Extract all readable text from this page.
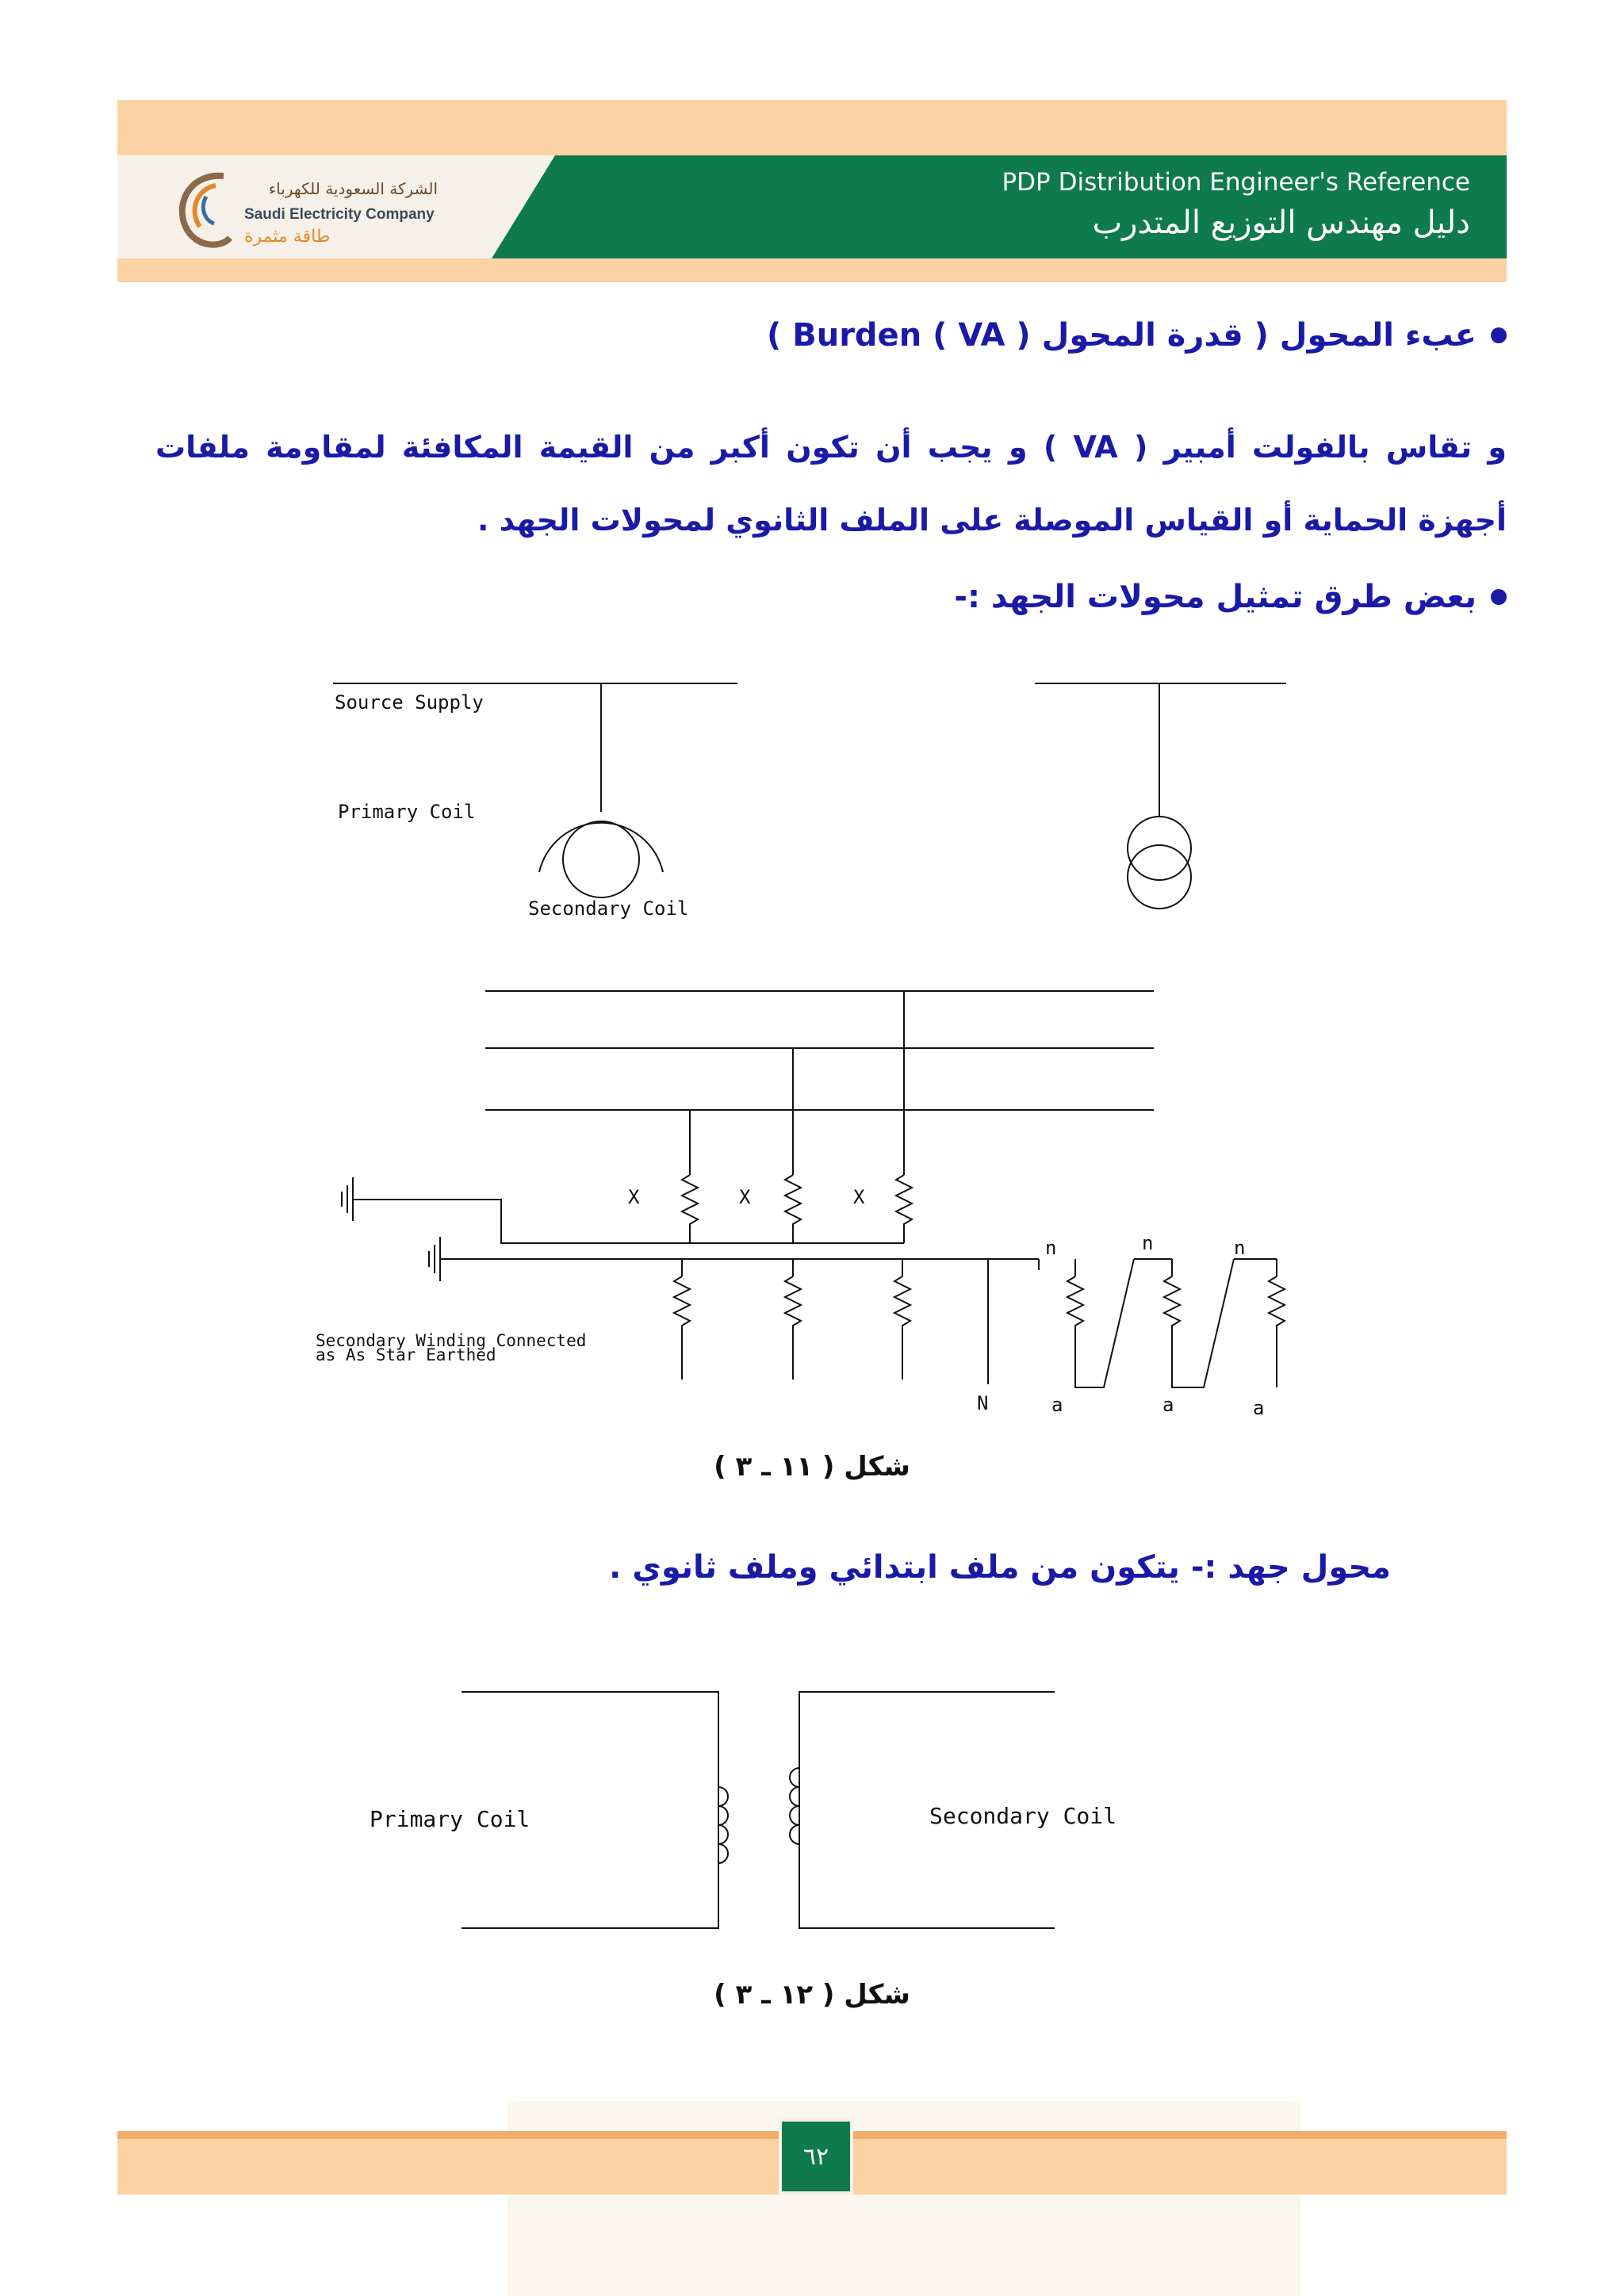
الشركة السعودية للكهرباء
Saudi Electricity Company
طاقة مثمرة
PDP Distribution Engineer's Reference
دليل مهندس التوزيع المتدرب
عبء المحول ( قدرة المحول Burden ( VA ) )
و تقاس بالفولت أمبير ( VA ) و يجب أن تكون أكبر من القيمة المكافئة لمقاومة ملفات أجهزة الحماية أو القياس الموصلة على الملف الثانوي لمحولات الجهد .
بعض طرق تمثيل محولات الجهد :-
Source Supply
Primary Coil
Secondary Coil
X	X	X
n	n	n
N	a	a	a
Secondary Winding Connected
as As Star Earthed
شكل ( ١١ ـ ٣ )
محول جهد :- يتكون من ملف ابتدائي وملف ثانوي .
Primary Coil	Secondary Coil
شكل ( ١٢ ـ ٣ )
٦٢
